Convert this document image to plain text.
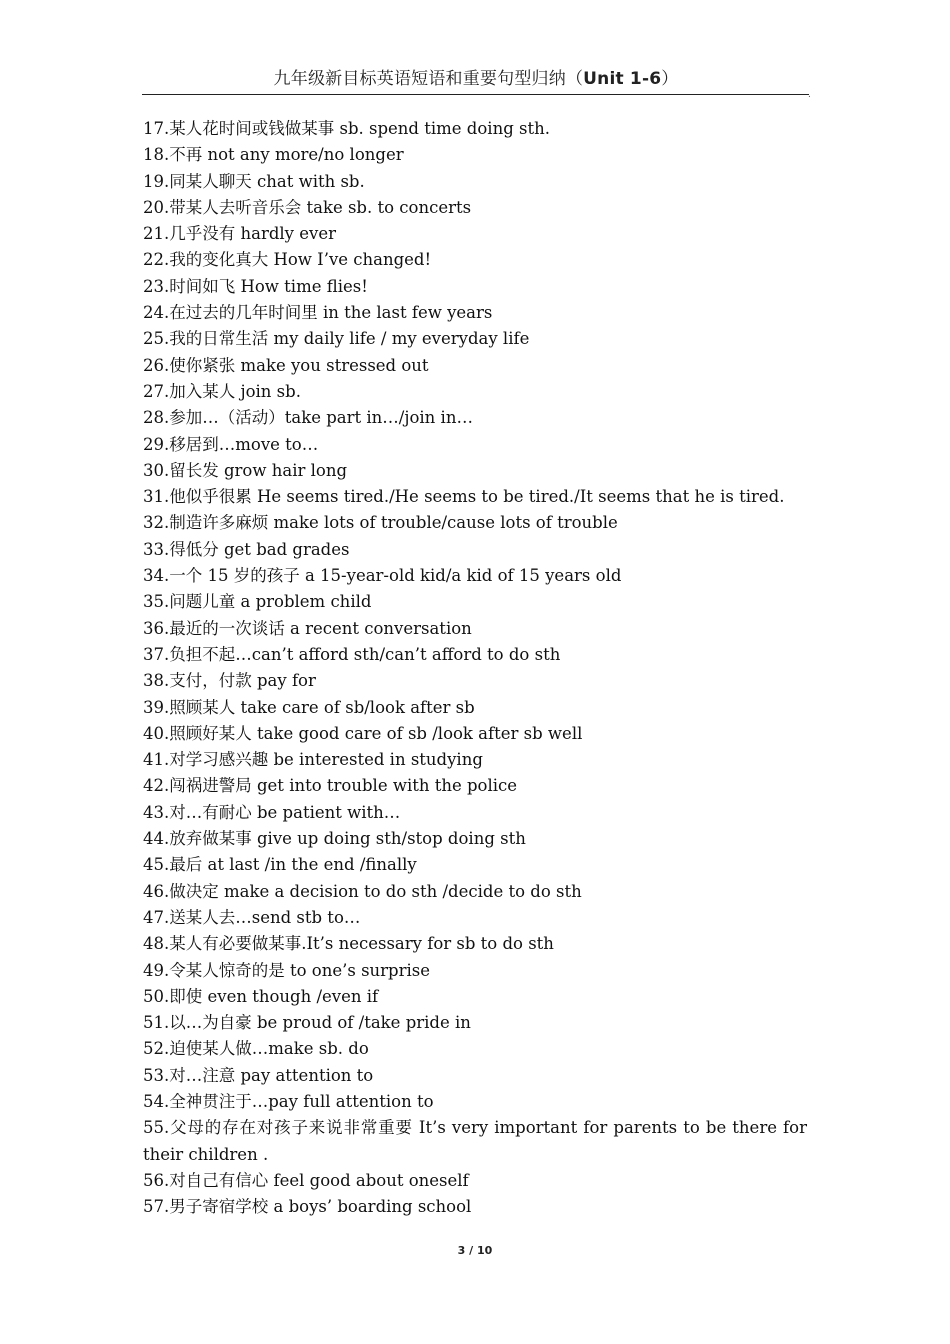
九年级新目标英语短语和重要句型归纳（Unit 1-6）
.
17.某人花时间或钱做某事 sb. spend time doing sth.
18.不再 not any more/no longer
19.同某人聊天 chat with sb.
20.带某人去听音乐会 take sb. to concerts
21.几乎没有 hardly ever
22.我的变化真大 How I’ve changed!
23.时间如飞 How time flies!
24.在过去的几年时间里 in the last few years
25.我的日常生活 my daily life / my everyday life
26.使你紧张 make you stressed out
27.加入某人 join sb.
28.参加…（活动）take part in…/join in…
29.移居到…move to…
30.留长发 grow hair long
31.他似乎很累 He seems tired./He seems to be tired./It seems that he is tired.
32.制造许多麻烦 make lots of trouble/cause lots of trouble
33.得低分 get bad grades
34.一个 15 岁的孩子 a 15-year-old kid/a kid of 15 years old
35.问题儿童 a problem child
36.最近的一次谈话 a recent conversation
37.负担不起…can’t afford sth/can’t afford to do sth
38.支付，付款 pay for
39.照顾某人 take care of sb/look after sb
40.照顾好某人 take good care of sb /look after sb well
41.对学习感兴趣 be interested in studying
42.闯祸进警局 get into trouble with the police
43.对…有耐心 be patient with…
44.放弃做某事 give up doing sth/stop doing sth
45.最后 at last /in the end /finally
46.做决定 make a decision to do sth /decide to do sth
47.送某人去…send stb to…
48.某人有必要做某事.It’s necessary for sb to do sth
49.令某人惊奇的是 to one’s surprise
50.即使 even though /even if
51.以…为自豪 be proud of /take pride in
52.迫使某人做…make sb. do
53.对…注意 pay attention to
54.全神贯注于…pay full attention to
55.父母的存在对孩子来说非常重要 It’s very important for parents to be there for their children .
56.对自己有信心 feel good about oneself
57.男子寄宿学校 a boys’ boarding school
3 / 10
